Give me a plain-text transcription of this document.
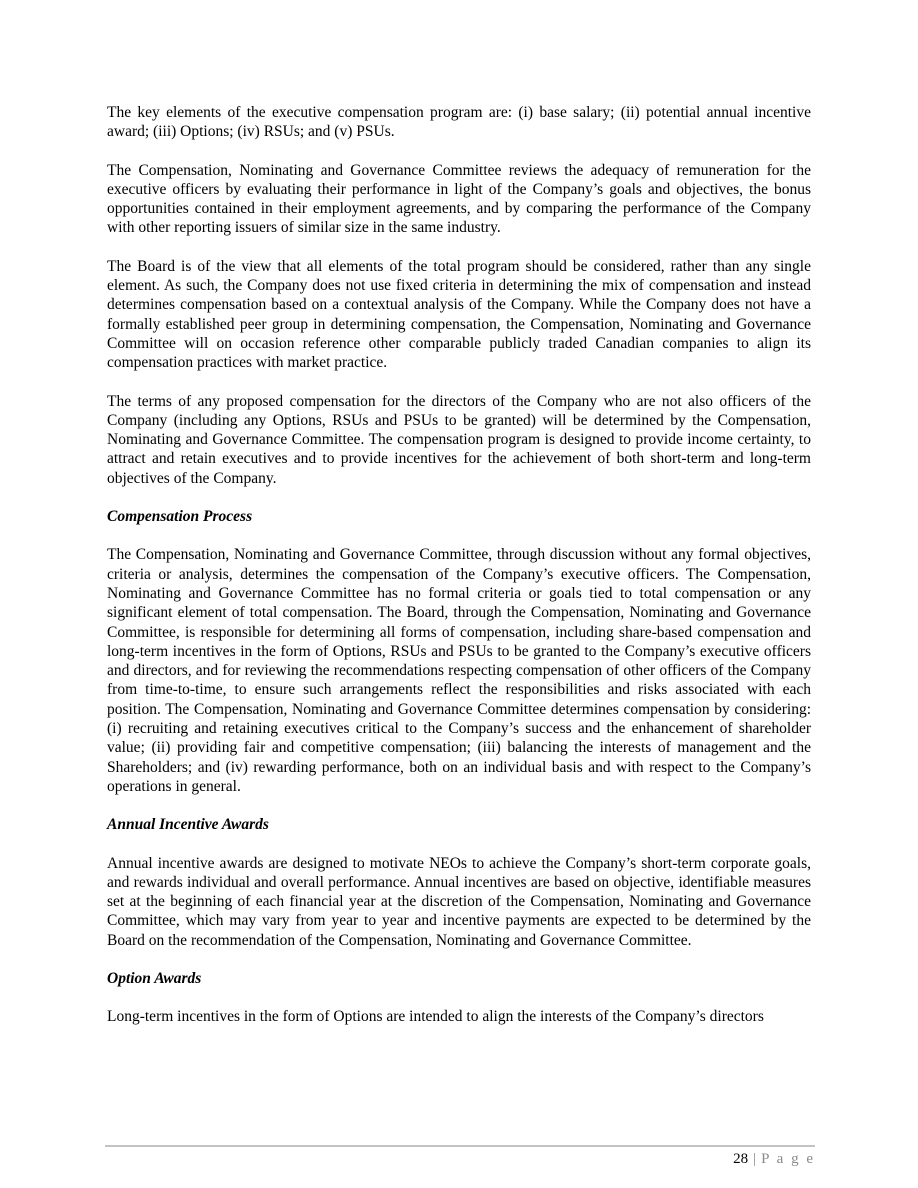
The key elements of the executive compensation program are: (i) base salary; (ii) potential annual incentive award; (iii) Options; (iv) RSUs; and (v) PSUs.

The Compensation, Nominating and Governance Committee reviews the adequacy of remuneration for the executive officers by evaluating their performance in light of the Company’s goals and objectives, the bonus opportunities contained in their employment agreements, and by comparing the performance of the Company with other reporting issuers of similar size in the same industry.

The Board is of the view that all elements of the total program should be considered, rather than any single element. As such, the Company does not use fixed criteria in determining the mix of compensation and instead determines compensation based on a contextual analysis of the Company. While the Company does not have a formally established peer group in determining compensation, the Compensation, Nominating and Governance Committee will on occasion reference other comparable publicly traded Canadian companies to align its compensation practices with market practice.

The terms of any proposed compensation for the directors of the Company who are not also officers of the Company (including any Options, RSUs and PSUs to be granted) will be determined by the Compensation, Nominating and Governance Committee. The compensation program is designed to provide income certainty, to attract and retain executives and to provide incentives for the achievement of both short-term and long-term objectives of the Company.

Compensation Process

The Compensation, Nominating and Governance Committee, through discussion without any formal objectives, criteria or analysis, determines the compensation of the Company’s executive officers. The Compensation, Nominating and Governance Committee has no formal criteria or goals tied to total compensation or any significant element of total compensation. The Board, through the Compensation, Nominating and Governance Committee, is responsible for determining all forms of compensation, including share-based compensation and long-term incentives in the form of Options, RSUs and PSUs to be granted to the Company’s executive officers and directors, and for reviewing the recommendations respecting compensation of other officers of the Company from time-to-time, to ensure such arrangements reflect the responsibilities and risks associated with each position. The Compensation, Nominating and Governance Committee determines compensation by considering: (i) recruiting and retaining executives critical to the Company’s success and the enhancement of shareholder value; (ii) providing fair and competitive compensation; (iii) balancing the interests of management and the Shareholders; and (iv) rewarding performance, both on an individual basis and with respect to the Company’s operations in general.

Annual Incentive Awards

Annual incentive awards are designed to motivate NEOs to achieve the Company’s short-term corporate goals, and rewards individual and overall performance. Annual incentives are based on objective, identifiable measures set at the beginning of each financial year at the discretion of the Compensation, Nominating and Governance Committee, which may vary from year to year and incentive payments are expected to be determined by the Board on the recommendation of the Compensation, Nominating and Governance Committee.

Option Awards

Long-term incentives in the form of Options are intended to align the interests of the Company’s directors

28 | P a g e
